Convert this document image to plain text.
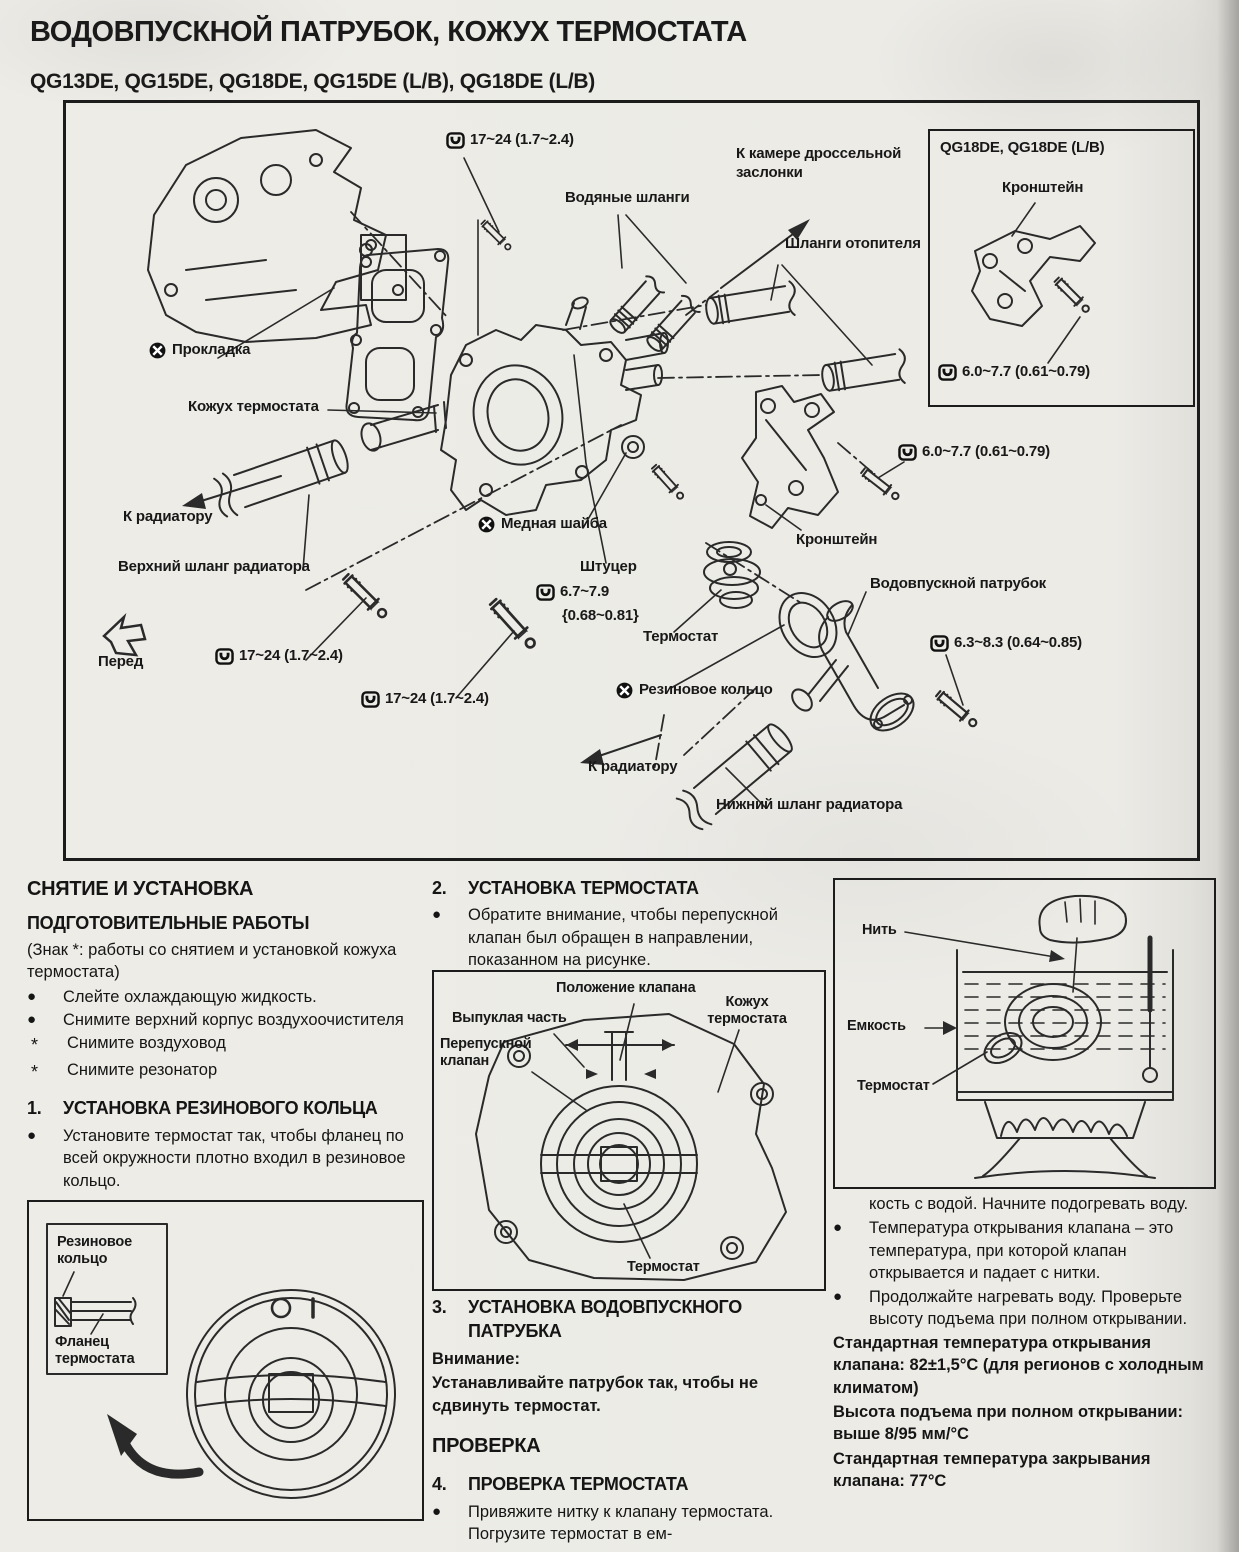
ВОДОВПУСКНОЙ ПАТРУБОК, КОЖУХ ТЕРМОСТАТА
QG13DE, QG15DE, QG18DE, QG15DE (L/B), QG18DE (L/B)
17~24 (1.7~2.4)
Водяные шланги
К камере дроссельной заслонки
Шланги отопителя
Прокладка
Кожух термостата
К радиатору
Верхний шланг радиатора
Медная шайба
Штуцер
6.7~7.9
{0.68~0.81}
Термостат
Кронштейн
6.0~7.7 (0.61~0.79)
Водовпускной патрубок
Резиновое кольцо
6.3~8.3 (0.64~0.85)
Перед	17~24 (1.7~2.4)
17~24 (1.7~2.4)
К радиатору
Нижний шланг радиатора
QG18DE, QG18DE (L/B)
Кронштейн
6.0~7.7 (0.61~0.79)
СНЯТИЕ И УСТАНОВКА
ПОДГОТОВИТЕЛЬНЫЕ РАБОТЫ

(Знак *: работы со снятием и установкой кожуха термостата)

●	Слейте охлаждающую жидкость.
●	Снимите верхний корпус воздухоочистителя
*	Снимите воздуховод
*	Снимите резонатор
1.	УСТАНОВКА РЕЗИНОВОГО КОЛЬЦА
●	Установите термостат так, чтобы фланец по всей окружности плотно входил в резиновое кольцо.
Резиновое кольцо
Фланец термостата
2.	УСТАНОВКА ТЕРМОСТАТА
●	Обратите внимание, чтобы перепускной клапан был обращен в направлении, показанном на рисунке.
Положение клапана
Выпуклая часть
Кожух термостата
Перепускной клапан
Термостат
3.	УСТАНОВКА ВОДОВПУСКНОГО ПАТРУБКА

Внимание:

Устанавливайте патрубок так, чтобы не сдвинуть термостат.

ПРОВЕРКА
4.	ПРОВЕРКА ТЕРМОСТАТА
●	Привяжите нитку к клапану термостата. Погрузите термостат в ем-
Нить
Емкость
Термостат

кость с водой. Начните подогревать воду.

●	Температура открывания клапана – это температура, при которой клапан открывается и падает с нитки.
●	Продолжайте нагревать воду. Проверьте высоту подъема при полном открывании.

Стандартная температура открывания клапана: 82±1,5°С (для регионов с холодным климатом)

Высота подъема при полном открывании: выше 8/95 мм/°С

Стандартная температура закрывания клапана: 77°С
